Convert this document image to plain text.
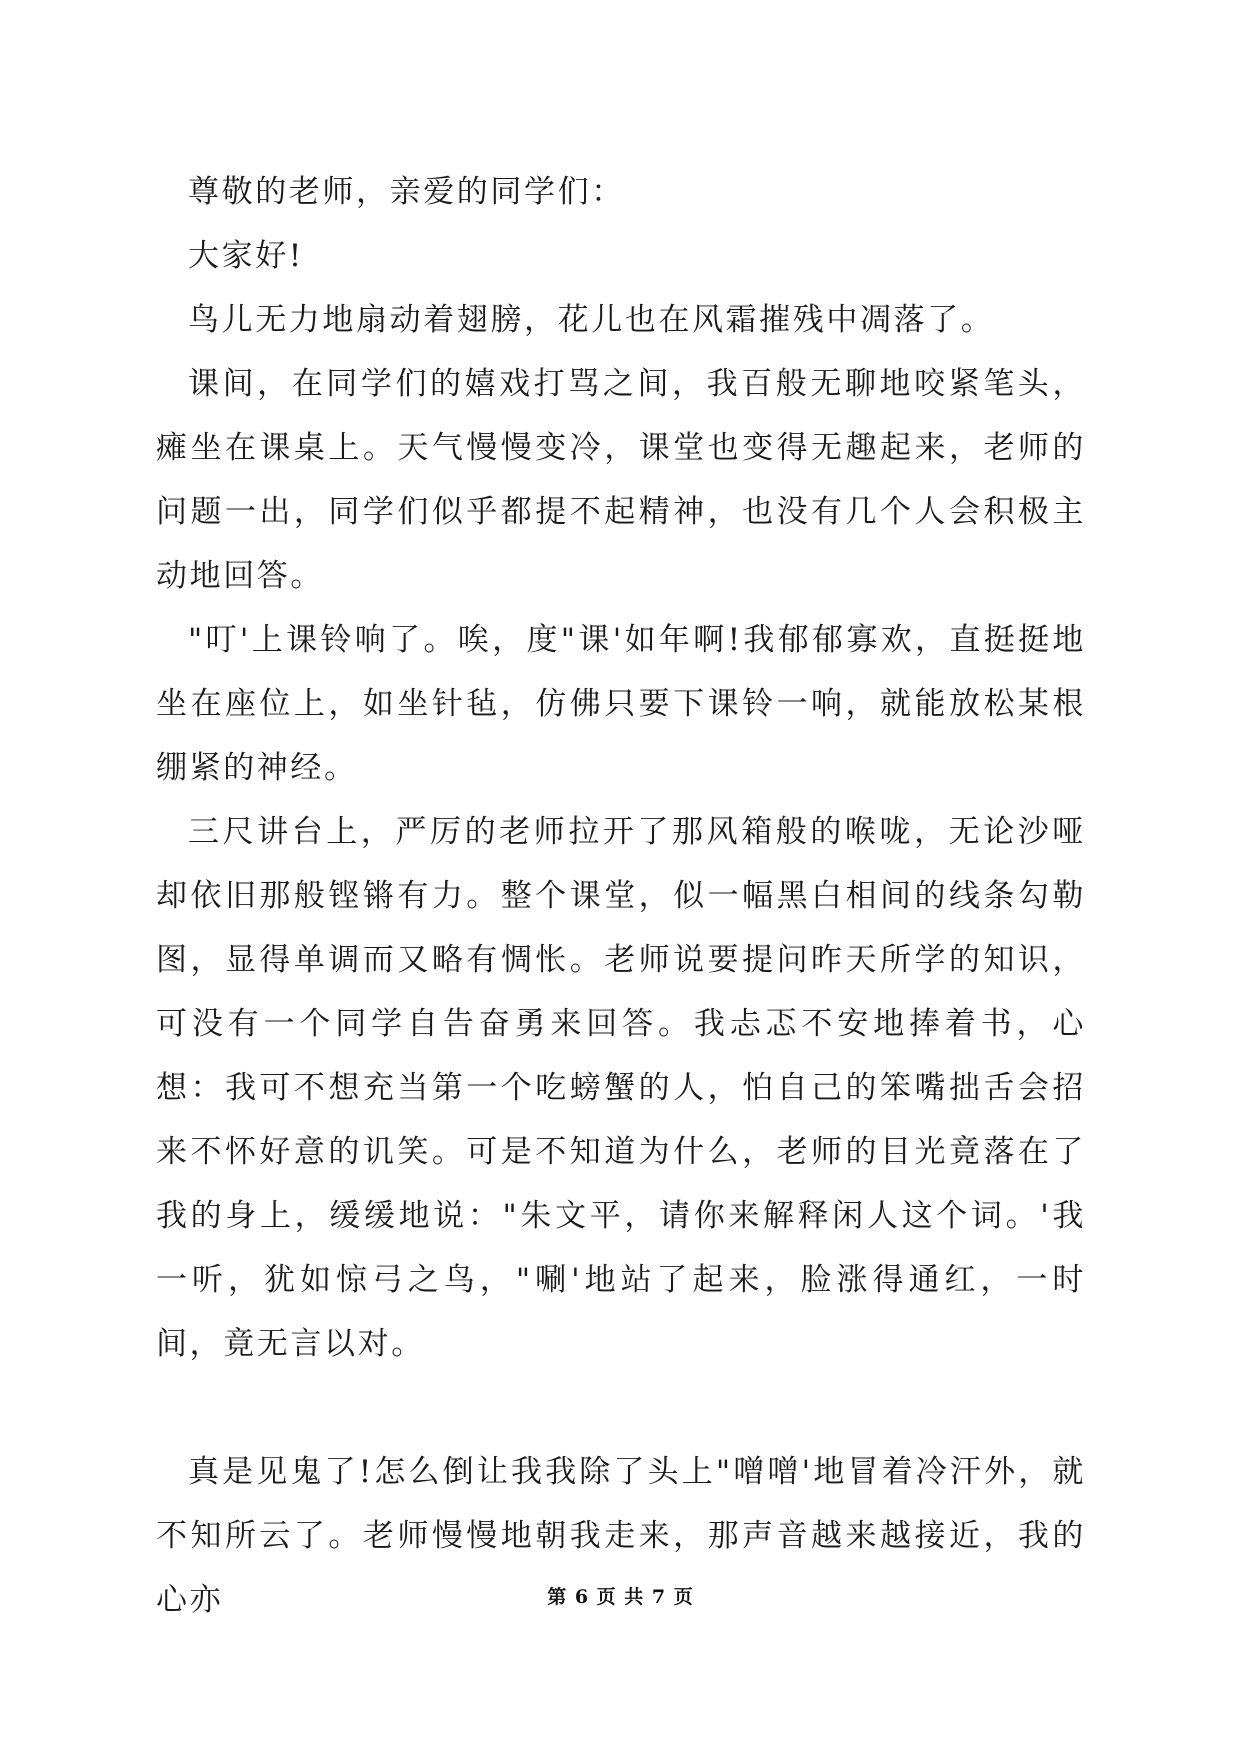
尊敬的老师，亲爱的同学们：

大家好!

鸟儿无力地扇动着翅膀，花儿也在风霜摧残中凋落了。

课间，在同学们的嬉戏打骂之间，我百般无聊地咬紧笔头，瘫坐在课桌上。天气慢慢变冷，课堂也变得无趣起来，老师的问题一出，同学们似乎都提不起精神，也没有几个人会积极主动地回答。

"叮'上课铃响了。唉，度"课'如年啊!我郁郁寡欢，直挺挺地坐在座位上，如坐针毡，仿佛只要下课铃一响，就能放松某根绷紧的神经。

三尺讲台上，严厉的老师拉开了那风箱般的喉咙，无论沙哑却依旧那般铿锵有力。整个课堂，似一幅黑白相间的线条勾勒图，显得单调而又略有惆怅。老师说要提问昨天所学的知识，可没有一个同学自告奋勇来回答。我忐忑不安地捧着书，心想：我可不想充当第一个吃螃蟹的人，怕自己的笨嘴拙舌会招来不怀好意的讥笑。可是不知道为什么，老师的目光竟落在了我的身上，缓缓地说："朱文平，请你来解释闲人这个词。'我一听，犹如惊弓之鸟，"唰'地站了起来，脸涨得通红，一时间，竟无言以对。

真是见鬼了!怎么倒让我我除了头上"噌噌'地冒着冷汗外，就不知所云了。老师慢慢地朝我走来，那声音越来越接近，我的心亦	第 6 页 共 7 页
